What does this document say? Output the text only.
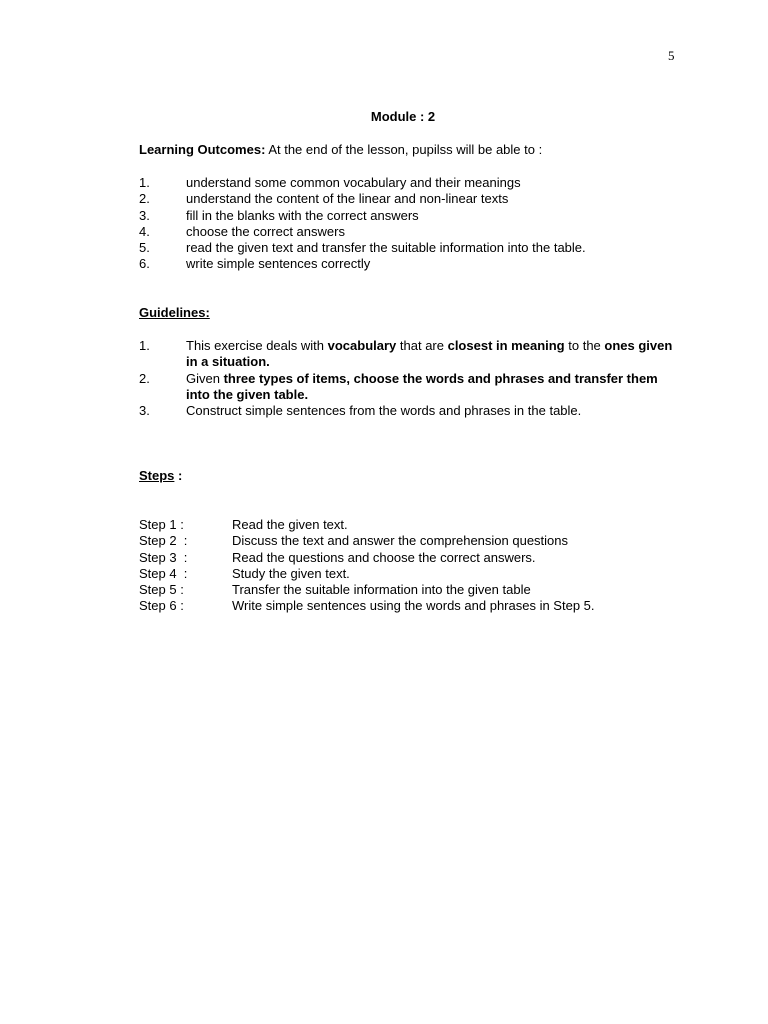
5
Module : 2
Learning Outcomes: At the end of the lesson, pupilss will be able to :
1.	understand some common vocabulary and their meanings
2.	understand the content of the linear and non-linear texts
3.	fill in the blanks with the correct answers
4.	choose the correct answers
5.	read the given text and transfer the suitable information into the table.
6.	write simple sentences correctly
Guidelines:
1.	This exercise deals with vocabulary that are closest in meaning to the ones given in a situation.
2.	Given three types of items, choose the words and phrases and transfer them into the given table.
3.	Construct simple sentences from the words and phrases in the table.
Steps :
Step 1 :	Read the given text.
Step 2  :	Discuss the text and answer the comprehension questions
Step 3  :	Read the questions and choose the correct answers.
Step 4  :	Study the given text.
Step 5 :	Transfer the suitable information into the given table
Step 6 :	Write simple sentences using the words and phrases in Step 5.
